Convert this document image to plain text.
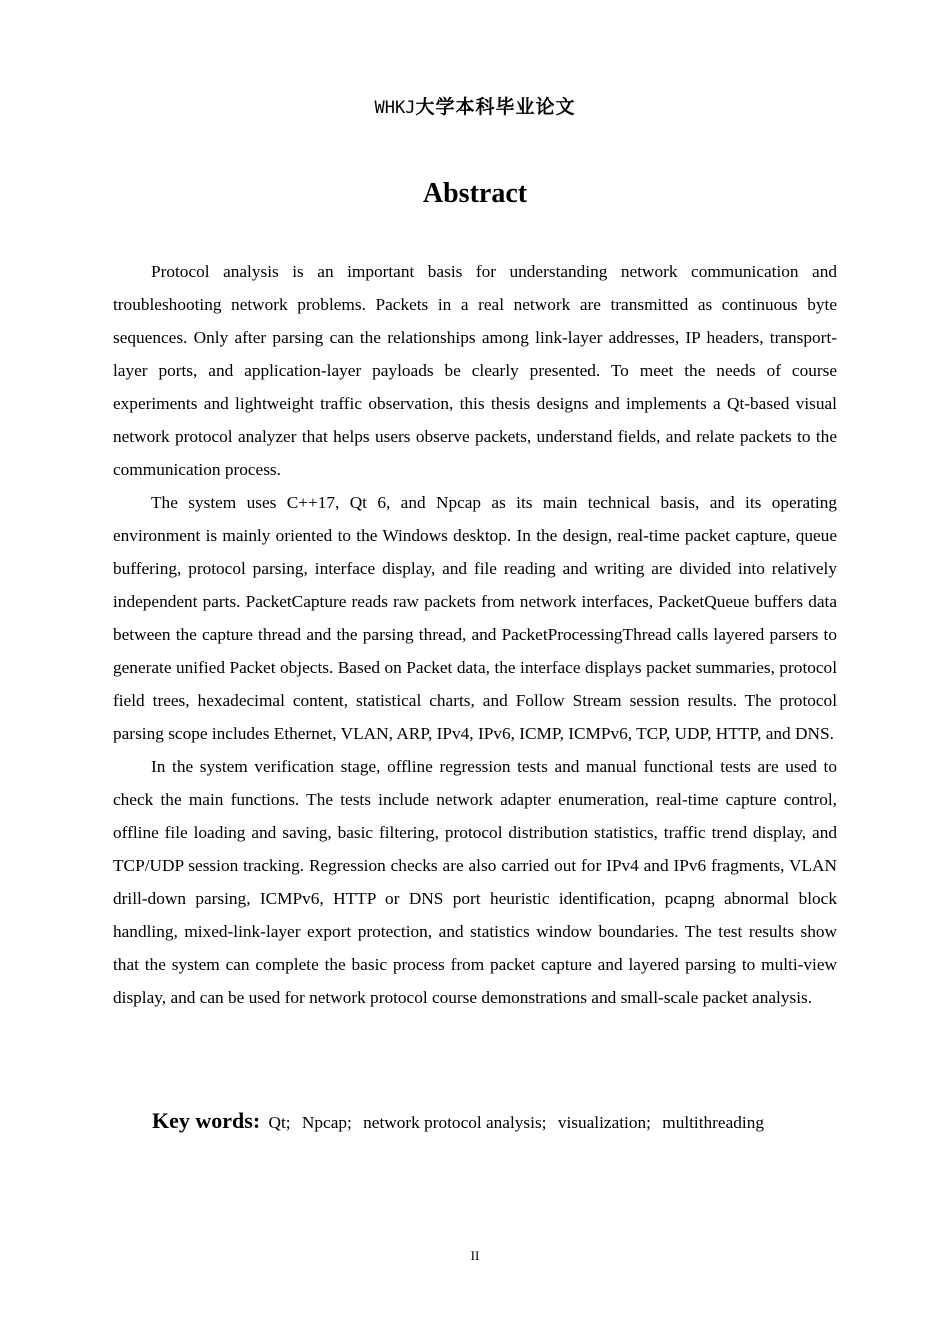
WHKJ大学本科毕业论文
Abstract

Protocol analysis is an important basis for understanding network communication and troubleshooting network problems. Packets in a real network are transmitted as continuous byte sequences. Only after parsing can the relationships among link-layer addresses, IP headers, transport-layer ports, and application-layer payloads be clearly presented. To meet the needs of course experiments and lightweight traffic observation, this thesis designs and implements a Qt-based visual network protocol analyzer that helps users observe packets, understand fields, and relate packets to the communication process.

The system uses C++17, Qt 6, and Npcap as its main technical basis, and its operating environment is mainly oriented to the Windows desktop. In the design, real-time packet capture, queue buffering, protocol parsing, interface display, and file reading and writing are divided into relatively independent parts. PacketCapture reads raw packets from network interfaces, PacketQueue buffers data between the capture thread and the parsing thread, and PacketProcessingThread calls layered parsers to generate unified Packet objects. Based on Packet data, the interface displays packet summaries, protocol field trees, hexadecimal content, statistical charts, and Follow Stream session results. The protocol parsing scope includes Ethernet, VLAN, ARP, IPv4, IPv6, ICMP, ICMPv6, TCP, UDP, HTTP, and DNS.

In the system verification stage, offline regression tests and manual functional tests are used to check the main functions. The tests include network adapter enumeration, real-time capture control, offline file loading and saving, basic filtering, protocol distribution statistics, traffic trend display, and TCP/UDP session tracking. Regression checks are also carried out for IPv4 and IPv6 fragments, VLAN drill-down parsing, ICMPv6, HTTP or DNS port heuristic identification, pcapng abnormal block handling, mixed-link-layer export protection, and statistics window boundaries. The test results show that the system can complete the basic process from packet capture and layered parsing to multi-view display, and can be used for network protocol course demonstrations and small-scale packet analysis.

Key words: Qt; Npcap; network protocol analysis; visualization; multithreading
II
